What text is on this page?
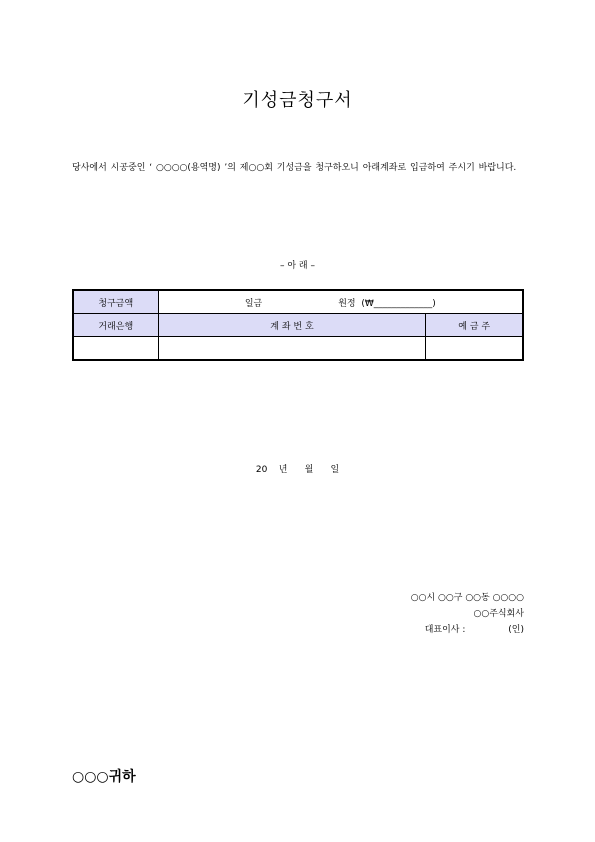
기성금청구서
당사에서 시공중인 ‘ ○○○○(용역명) ’의 제○○회 기성금을 청구하오니 아래계좌로 입금하여 주시기 바랍니다.
– 아 래 –
청구금액	일금 원정  (₩_____________)	
거래은행	계 좌 번 호	예 금 주

20    년      월      일
○○시 ○○구 ○○동 ○○○○
○○주식회사
대표이사 :               (인)
○○○귀하
